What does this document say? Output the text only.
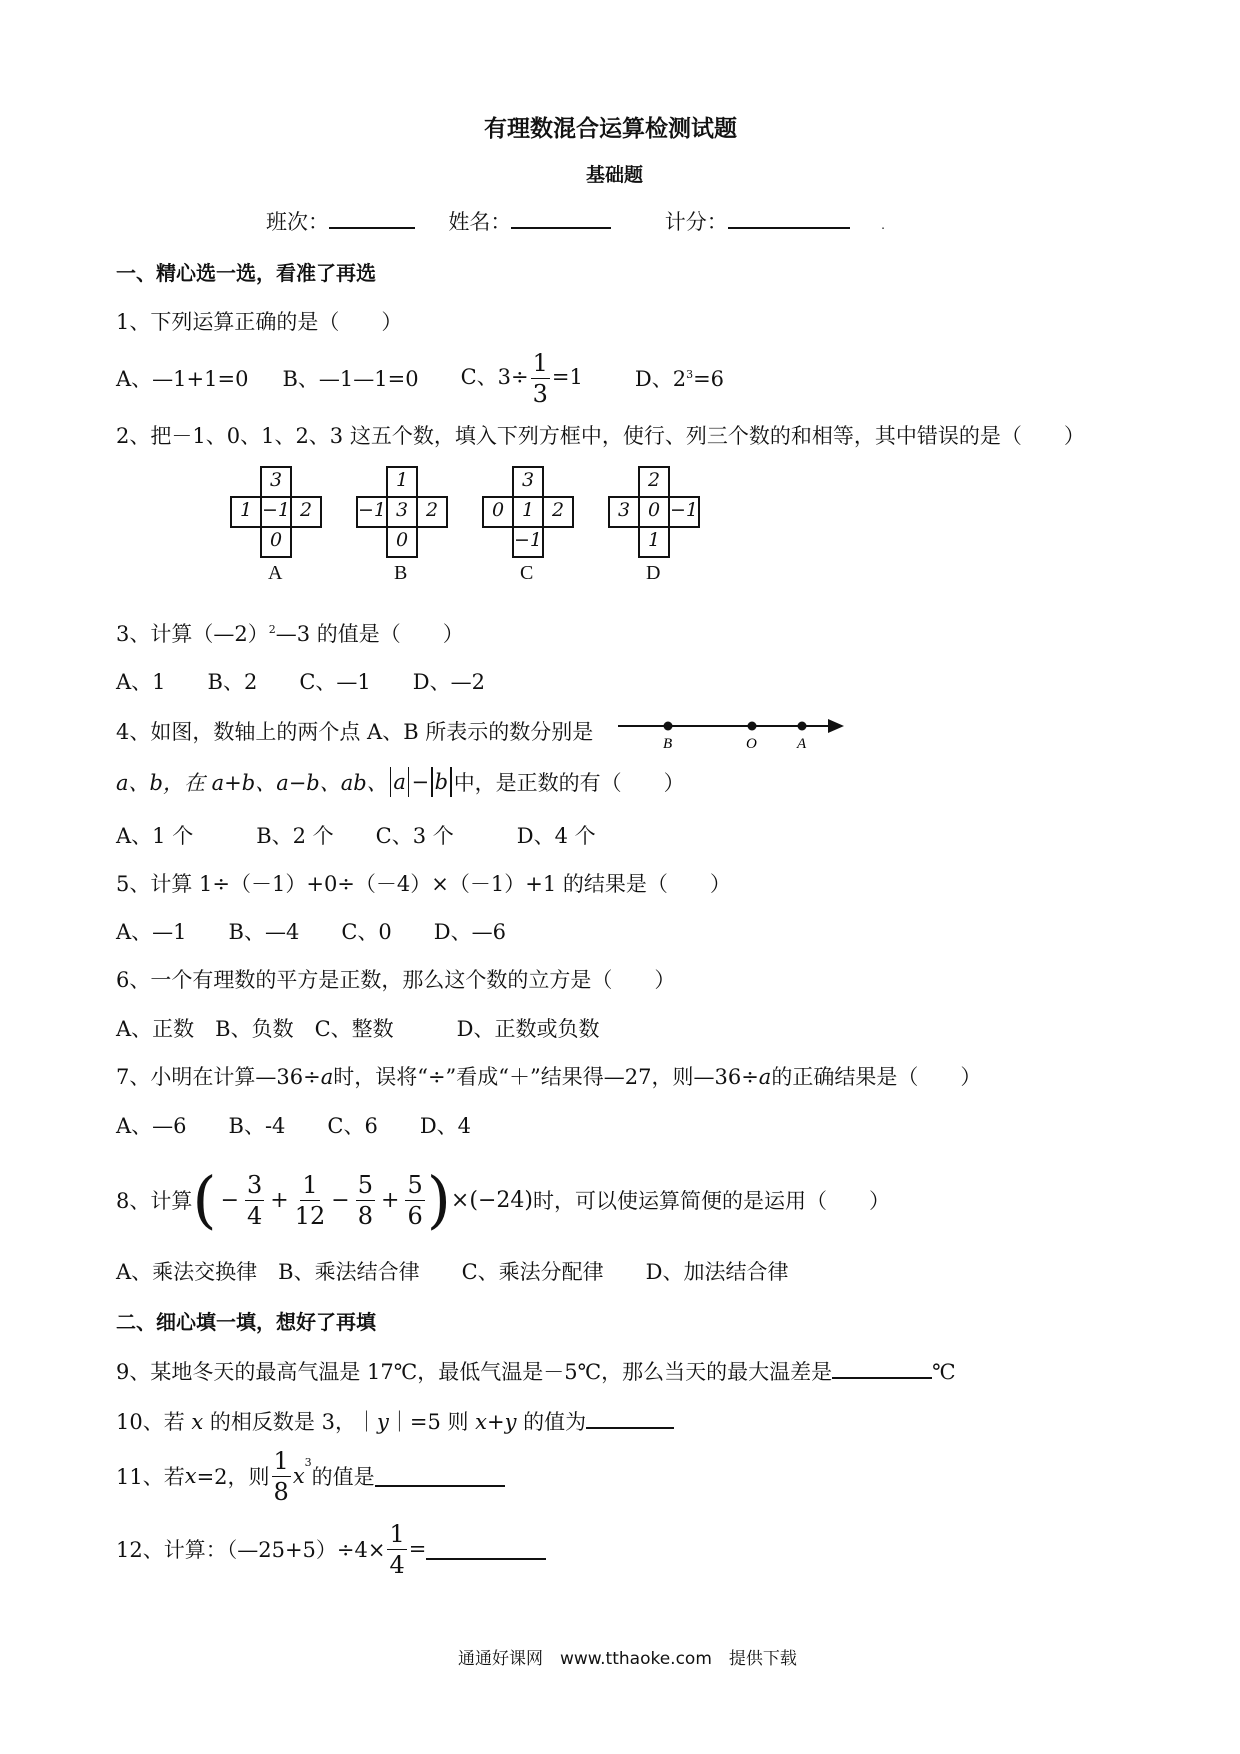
有理数混合运算检测试题
基础题
班次：	姓名：	计分：	.
一、精心选一选，看准了再选
1、下列运算正确的是（　　）
A、—1+1=0 B、—1—1=0 C、$3\div \frac{1}{3} =1$ D、$2^3=6$
2、把－1、0、1、2、3 这五个数，填入下列方框中，使行、列三个数的和相等，其中错误的是（　　）
3
1 −1 2
0
A
1
−1 3 2
0
B
3
0 1 2
−1
C
2
3 0 −1
1
D
3、计算（—2）$^2$—3 的值是（　　）
A、1　　B、2　　C、—1　　D、—2
4、如图，数轴上的两个点 A、B 所表示的数分别是	B	O	A
a、b，在 a+b、a−b、ab、 a − b 中，是正数的有（　　）
A、1 个　　　B、2 个　　C、3 个　　　D、4 个
5、计算 1÷（－1）+0÷（－4）×（－1）+1 的结果是（　　）
A、—1　　B、—4　　C、0　　D、—6
6、一个有理数的平方是正数，那么这个数的立方是（　　）
A、正数　B、负数　C、整数　　　D、正数或负数
7、小明在计算—36÷a时，误将“÷”看成“＋”结果得—27，则—36÷a的正确结果是（　　）
A、—6　　B、-4　　C、6　　D、4
8、计算 ( − $\frac{3}{4} + \frac{1}{12} - \frac{5}{8} + \frac{5}{6}$ ) ×(−24) 时，可以使运算简便的是运用（　　）
A、乘法交换律　B、乘法结合律　　C、乘法分配律　　D、加法结合律
二、细心填一填，想好了再填
9、某地冬天的最高气温是 17℃，最低气温是－5℃，那么当天的最大温差是	℃
10、若 x 的相反数是 3，｜y｜=5 则 x+y 的值为
11、若 x =2，则 $\frac{1}{8}$ x
3
的值是
12、计算：（—25+5）÷4× $\frac{1}{4}$ =
通通好课网　www.tthaoke.com　提供下载
